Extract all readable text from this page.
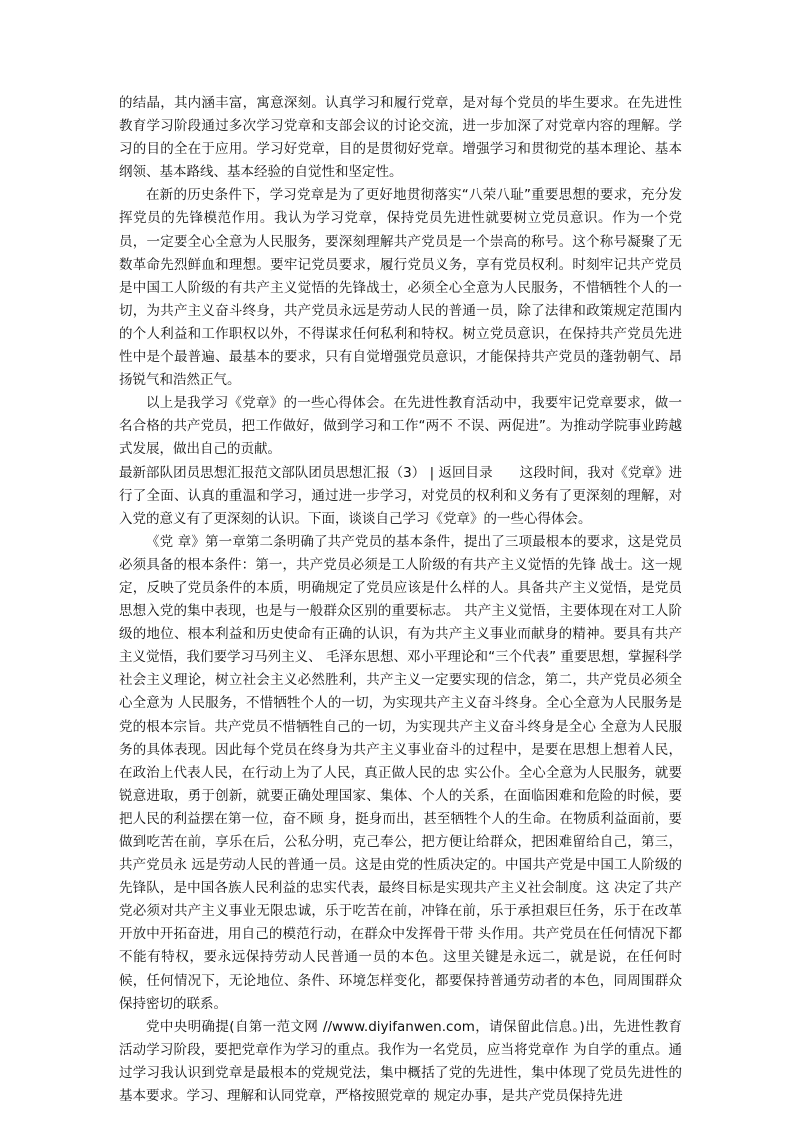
的结晶，其内涵丰富，寓意深刻。认真学习和履行党章，是对每个党员的毕生要求。在先进性教育学习阶段通过多次学习党章和支部会议的讨论交流，进一步加深了对党章内容的理解。学习的目的全在于应用。学习好党章，目的是贯彻好党章。增强学习和贯彻党的基本理论、基本纲领、基本路线、基本经验的自觉性和坚定性。

在新的历史条件下，学习党章是为了更好地贯彻落实“八荣八耻”重要思想的要求，充分发挥党员的先锋模范作用。我认为学习党章，保持党员先进性就要树立党员意识。作为一个党员，一定要全心全意为人民服务，要深刻理解共产党员是一个崇高的称号。这个称号凝聚了无数革命先烈鲜血和理想。要牢记党员要求，履行党员义务，享有党员权利。时刻牢记共产党员是中国工人阶级的有共产主义觉悟的先锋战士，必须全心全意为人民服务，不惜牺牲个人的一切，为共产主义奋斗终身，共产党员永远是劳动人民的普通一员，除了法律和政策规定范围内的个人利益和工作职权以外，不得谋求任何私利和特权。树立党员意识，在保持共产党员先进性中是个最普遍、最基本的要求，只有自觉增强党员意识，才能保持共产党员的蓬勃朝气、昂扬锐气和浩然正气。

以上是我学习《党章》的一些心得体会。在先进性教育活动中，我要牢记党章要求，做一名合格的共产党员，把工作做好，做到学习和工作“两不 不误、两促进”。为推动学院事业跨越式发展，做出自己的贡献。

最新部队团员思想汇报范文部队团员思想汇报（3） | 返回目录　　这段时间，我对《党章》进行了全面、认真的重温和学习，通过进一步学习，对党员的权利和义务有了更深刻的理解，对入党的意义有了更深刻的认识。下面，谈谈自己学习《党章》的一些心得体会。

《党 章》第一章第二条明确了共产党员的基本条件，提出了三项最根本的要求，这是党员必须具备的根本条件：第一，共产党员必须是工人阶级的有共产主义觉悟的先锋 战士。这一规定，反映了党员条件的本质，明确规定了党员应该是什么样的人。具备共产主义觉悟，是党员思想入党的集中表现，也是与一般群众区别的重要标志。 共产主义觉悟，主要体现在对工人阶级的地位、根本利益和历史使命有正确的认识，有为共产主义事业而献身的精神。要具有共产主义觉悟，我们要学习马列主义、 毛泽东思想、邓小平理论和“三个代表” 重要思想，掌握科学社会主义理论，树立社会主义必然胜利，共产主义一定要实现的信念，第二，共产党员必须全心全意为 人民服务，不惜牺牲个人的一切，为实现共产主义奋斗终身。全心全意为人民服务是党的根本宗旨。共产党员不惜牺牲自己的一切，为实现共产主义奋斗终身是全心 全意为人民服务的具体表现。因此每个党员在终身为共产主义事业奋斗的过程中，是要在思想上想着人民，在政治上代表人民，在行动上为了人民，真正做人民的忠 实公仆。全心全意为人民服务，就要锐意进取，勇于创新，就要正确处理国家、集体、个人的关系，在面临困难和危险的时候，要把人民的利益摆在第一位，奋不顾 身，挺身而出，甚至牺牲个人的生命。在物质利益面前，要做到吃苦在前，享乐在后，公私分明，克己奉公，把方便让给群众，把困难留给自己，第三，共产党员永 远是劳动人民的普通一员。这是由党的性质决定的。中国共产党是中国工人阶级的先锋队，是中国各族人民利益的忠实代表，最终目标是实现共产主义社会制度。这 决定了共产党必须对共产主义事业无限忠诚，乐于吃苦在前，冲锋在前，乐于承担艰巨任务，乐于在改革开放中开拓奋进，用自己的模范行动，在群众中发挥骨干带 头作用。共产党员在任何情况下都不能有特权，要永远保持劳动人民普通一员的本色。这里关键是永远二，就是说，在任何时候，任何情况下，无论地位、条件、环境怎样变化，都要保持普通劳动者的本色，同周围群众保持密切的联系。

党中央明确提(自第一范文网 //www.diyifanwen.com，请保留此信息。)出，先进性教育活动学习阶段，要把党章作为学习的重点。我作为一名党员，应当将党章作 为自学的重点。通过学习我认识到党章是最根本的党规党法，集中概括了党的先进性，集中体现了党员先进性的基本要求。学习、理解和认同党章，严格按照党章的 规定办事，是共产党员保持先进
